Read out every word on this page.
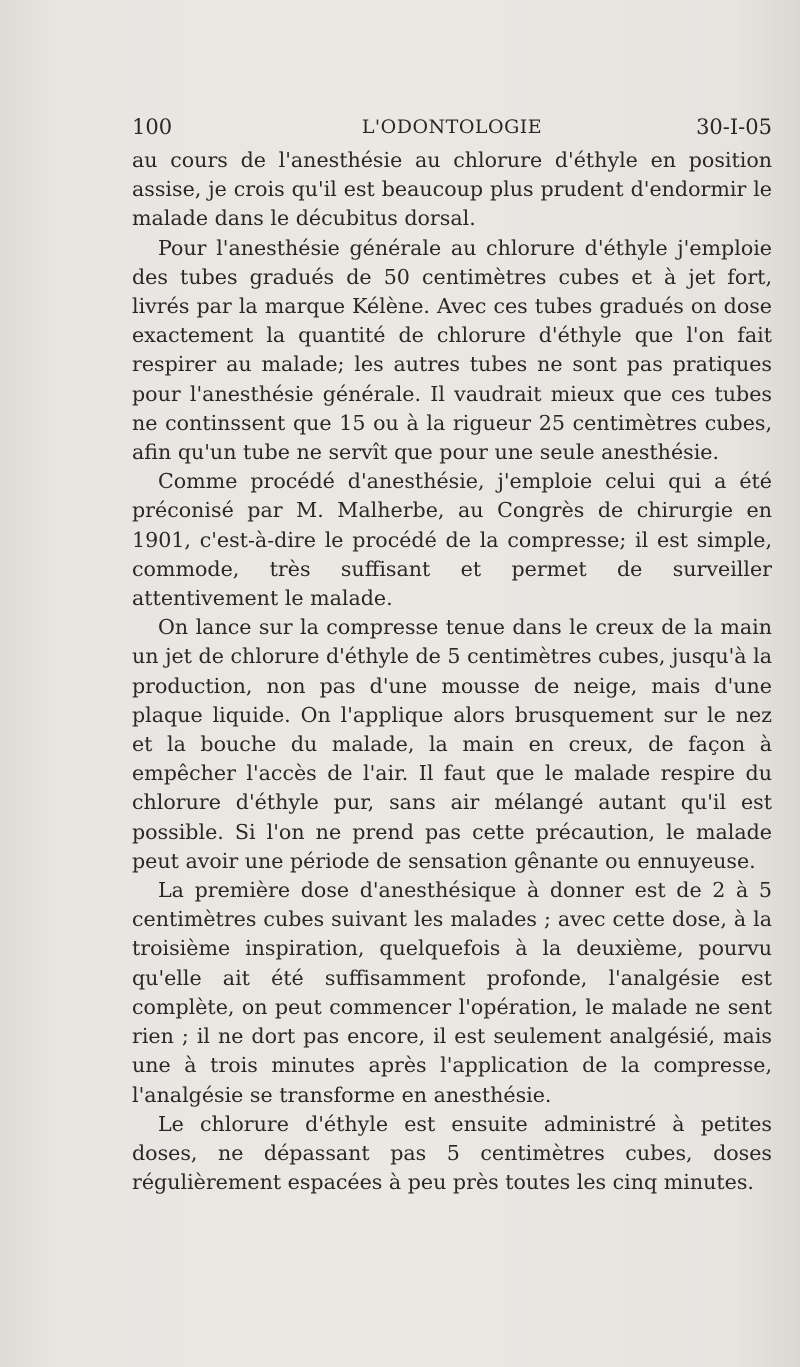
100	L'ODONTOLOGIE	30-I-05

au cours de l'anesthésie au chlorure d'éthyle en position assise, je crois qu'il est beaucoup plus prudent d'endormir le malade dans le décubitus dorsal.

Pour l'anesthésie générale au chlorure d'éthyle j'emploie des tubes gradués de 50 centimètres cubes et à jet fort, livrés par la marque Kélène. Avec ces tubes gradués on dose exactement la quantité de chlorure d'éthyle que l'on fait respirer au malade; les autres tubes ne sont pas pratiques pour l'anesthésie générale. Il vaudrait mieux que ces tubes ne continssent que 15 ou à la rigueur 25 centimètres cubes, afin qu'un tube ne servît que pour une seule anesthésie.

Comme procédé d'anesthésie, j'emploie celui qui a été préconisé par M. Malherbe, au Congrès de chirurgie en 1901, c'est-à-dire le procédé de la compresse; il est simple, commode, très suffisant et permet de surveiller attentivement le malade.

On lance sur la compresse tenue dans le creux de la main un jet de chlorure d'éthyle de 5 centimètres cubes, jusqu'à la production, non pas d'une mousse de neige, mais d'une plaque liquide. On l'applique alors brusquement sur le nez et la bouche du malade, la main en creux, de façon à empêcher l'accès de l'air. Il faut que le malade respire du chlorure d'éthyle pur, sans air mélangé autant qu'il est possible. Si l'on ne prend pas cette précaution, le malade peut avoir une période de sensation gênante ou ennuyeuse.

La première dose d'anesthésique à donner est de 2 à 5 centimètres cubes suivant les malades ; avec cette dose, à la troisième inspiration, quelquefois à la deuxième, pourvu qu'elle ait été suffisamment profonde, l'analgésie est complète, on peut commencer l'opération, le malade ne sent rien ; il ne dort pas encore, il est seulement analgésié, mais une à trois minutes après l'application de la compresse, l'analgésie se transforme en anesthésie.

Le chlorure d'éthyle est ensuite administré à petites doses, ne dépassant pas 5 centimètres cubes, doses régulièrement espacées à peu près toutes les cinq minutes.
